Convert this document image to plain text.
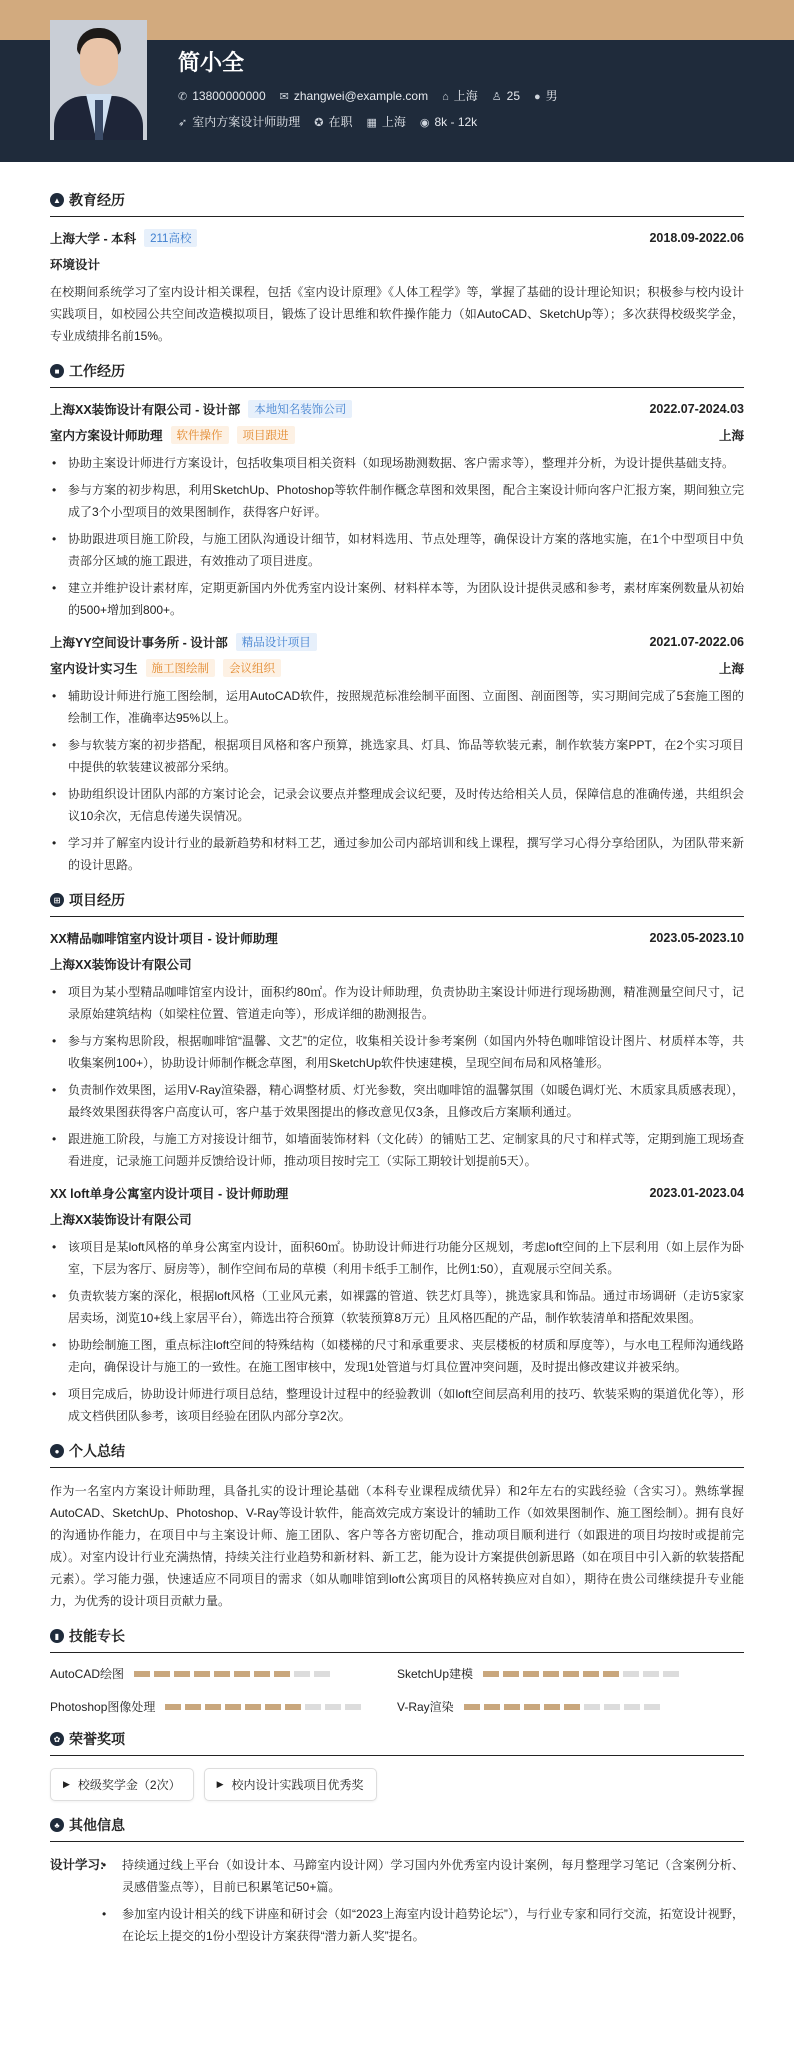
简小全
✆ 13800000000 ✉ zhangwei@example.com ⌂ 上海 ♙ 25 ● 男
➶ 室内方案设计师助理 ✪ 在职 ▦ 上海 ◉ 8k - 12k
▲ 教育经历
上海大学 - 本科	211高校	2018.09-2022.06
环境设计

在校期间系统学习了室内设计相关课程，包括《室内设计原理》《人体工程学》等，掌握了基础的设计理论知识；积极参与校内设计实践项目，如校园公共空间改造模拟项目，锻炼了设计思维和软件操作能力（如AutoCAD、SketchUp等）；多次获得校级奖学金，专业成绩排名前15%。

■ 工作经历
上海XX装饰设计有限公司 - 设计部	本地知名装饰公司	2022.07-2024.03
室内方案设计师助理	软件操作	项目跟进	上海
• 协助主案设计师进行方案设计，包括收集项目相关资料（如现场勘测数据、客户需求等），整理并分析，为设计提供基础支持。
• 参与方案的初步构思，利用SketchUp、Photoshop等软件制作概念草图和效果图，配合主案设计师向客户汇报方案，期间独立完成了3个小型项目的效果图制作，获得客户好评。
• 协助跟进项目施工阶段，与施工团队沟通设计细节，如材料选用、节点处理等，确保设计方案的落地实施，在1个中型项目中负责部分区域的施工跟进，有效推动了项目进度。
• 建立并维护设计素材库，定期更新国内外优秀室内设计案例、材料样本等，为团队设计提供灵感和参考，素材库案例数量从初始的500+增加到800+。
上海YY空间设计事务所 - 设计部	精品设计项目	2021.07-2022.06
室内设计实习生	施工图绘制	会议组织	上海
• 辅助设计师进行施工图绘制，运用AutoCAD软件，按照规范标准绘制平面图、立面图、剖面图等，实习期间完成了5套施工图的绘制工作，准确率达95%以上。
• 参与软装方案的初步搭配，根据项目风格和客户预算，挑选家具、灯具、饰品等软装元素，制作软装方案PPT，在2个实习项目中提供的软装建议被部分采纳。
• 协助组织设计团队内部的方案讨论会，记录会议要点并整理成会议纪要，及时传达给相关人员，保障信息的准确传递，共组织会议10余次，无信息传递失误情况。
• 学习并了解室内设计行业的最新趋势和材料工艺，通过参加公司内部培训和线上课程，撰写学习心得分享给团队，为团队带来新的设计思路。
⊞ 项目经历
XX精品咖啡馆室内设计项目 - 设计师助理	2023.05-2023.10
上海XX装饰设计有限公司
• 项目为某小型精品咖啡馆室内设计，面积约80㎡。作为设计师助理，负责协助主案设计师进行现场勘测，精准测量空间尺寸，记录原始建筑结构（如梁柱位置、管道走向等），形成详细的勘测报告。
• 参与方案构思阶段，根据咖啡馆“温馨、文艺”的定位，收集相关设计参考案例（如国内外特色咖啡馆设计图片、材质样本等，共收集案例100+），协助设计师制作概念草图，利用SketchUp软件快速建模，呈现空间布局和风格雏形。
• 负责制作效果图，运用V-Ray渲染器，精心调整材质、灯光参数，突出咖啡馆的温馨氛围（如暖色调灯光、木质家具质感表现），最终效果图获得客户高度认可，客户基于效果图提出的修改意见仅3条，且修改后方案顺利通过。
• 跟进施工阶段，与施工方对接设计细节，如墙面装饰材料（文化砖）的铺贴工艺、定制家具的尺寸和样式等，定期到施工现场查看进度，记录施工问题并反馈给设计师，推动项目按时完工（实际工期较计划提前5天）。
XX loft单身公寓室内设计项目 - 设计师助理	2023.01-2023.04
上海XX装饰设计有限公司
• 该项目是某loft风格的单身公寓室内设计，面积60㎡。协助设计师进行功能分区规划，考虑loft空间的上下层利用（如上层作为卧室，下层为客厅、厨房等），制作空间布局的草模（利用卡纸手工制作，比例1:50），直观展示空间关系。
• 负责软装方案的深化，根据loft风格（工业风元素，如裸露的管道、铁艺灯具等），挑选家具和饰品。通过市场调研（走访5家家居卖场，浏览10+线上家居平台），筛选出符合预算（软装预算8万元）且风格匹配的产品，制作软装清单和搭配效果图。
• 协助绘制施工图，重点标注loft空间的特殊结构（如楼梯的尺寸和承重要求、夹层楼板的材质和厚度等），与水电工程师沟通线路走向，确保设计与施工的一致性。在施工图审核中，发现1处管道与灯具位置冲突问题，及时提出修改建议并被采纳。
• 项目完成后，协助设计师进行项目总结，整理设计过程中的经验教训（如loft空间层高利用的技巧、软装采购的渠道优化等），形成文档供团队参考，该项目经验在团队内部分享2次。
● 个人总结

作为一名室内方案设计师助理，具备扎实的设计理论基础（本科专业课程成绩优异）和2年左右的实践经验（含实习）。熟练掌握AutoCAD、SketchUp、Photoshop、V-Ray等设计软件，能高效完成方案设计的辅助工作（如效果图制作、施工图绘制）。拥有良好的沟通协作能力，在项目中与主案设计师、施工团队、客户等各方密切配合，推动项目顺利进行（如跟进的项目均按时或提前完成）。对室内设计行业充满热情，持续关注行业趋势和新材料、新工艺，能为设计方案提供创新思路（如在项目中引入新的软装搭配元素）。学习能力强，快速适应不同项目的需求（如从咖啡馆到loft公寓项目的风格转换应对自如），期待在贵公司继续提升专业能力，为优秀的设计项目贡献力量。

▮ 技能专长
AutoCAD绘图	SketchUp建模
Photoshop图像处理	V-Ray渲染
✿ 荣誉奖项
▶ 校级奖学金（2次）	▶ 校内设计实践项目优秀奖
♣ 其他信息
设计学习:	• 持续通过线上平台（如设计本、马蹄室内设计网）学习国内外优秀室内设计案例，每月整理学习笔记（含案例分析、灵感借鉴点等），目前已积累笔记50+篇。
• 参加室内设计相关的线下讲座和研讨会（如“2023上海室内设计趋势论坛”），与行业专家和同行交流，拓宽设计视野，在论坛上提交的1份小型设计方案获得“潜力新人奖”提名。
